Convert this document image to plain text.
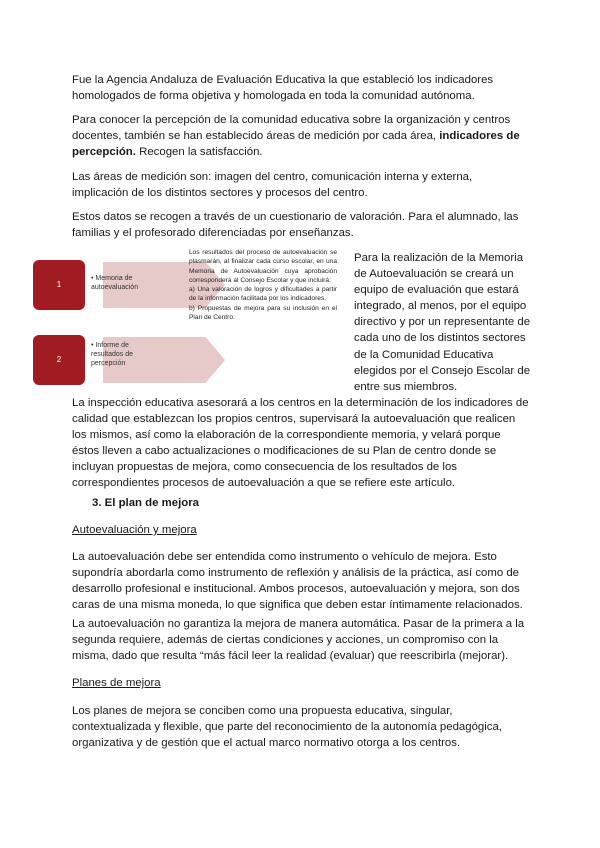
Fue la Agencia Andaluza de Evaluación Educativa la que estableció los indicadores homologados de forma objetiva y homologada en toda la comunidad autónoma.

Para conocer la percepción de la comunidad educativa sobre la organización y centros docentes, también se han establecido áreas de medición por cada área, indicadores de percepción. Recogen la satisfacción.

Las áreas de medición son: imagen del centro, comunicación interna y externa, implicación de los distintos sectores y procesos del centro.

Estos datos se recogen a través de un cuestionario de valoración. Para el alumnado, las familias y el profesorado diferenciadas por enseñanzas.

1
• Memoria de autoevaluación
2
• Informe de resultados de percepción
Los resultados del proceso de autoevaluación se plasmarán, al finalizar cada curso escolar, en una Memoria de Autoevaluación cuya aprobación corresponderá al Consejo Escolar y que incluirá:
a) Una valoración de logros y dificultades a partir de la información facilitada por los indicadores.
b) Propuestas de mejora para su inclusión en el Plan de Centro.

Para la realización de la Memoria de Autoevaluación se creará un equipo de evaluación que estará integrado, al menos, por el equipo directivo y por un representante de cada uno de los distintos sectores de la Comunidad Educativa elegidos por el Consejo Escolar de entre sus miembros.

La inspección educativa asesorará a los centros en la determinación de los indicadores de calidad que establezcan los propios centros, supervisará la autoevaluación que realicen los mismos, así como la elaboración de la correspondiente memoria, y velará porque éstos lleven a cabo actualizaciones o modificaciones de su Plan de centro donde se incluyan propuestas de mejora, como consecuencia de los resultados de los correspondientes procesos de autoevaluación a que se refiere este artículo.

3. El plan de mejora

Autoevaluación y mejora

La autoevaluación debe ser entendida como instrumento o vehículo de mejora. Esto supondría abordarla como instrumento de reflexión y análisis de la práctica, así como de desarrollo profesional e institucional. Ambos procesos, autoevaluación y mejora, son dos caras de una misma moneda, lo que significa que deben estar íntimamente relacionados.

La autoevaluación no garantiza la mejora de manera automática. Pasar de la primera a la segunda requiere, además de ciertas condiciones y acciones, un compromiso con la misma, dado que resulta “más fácil leer la realidad (evaluar) que reescribirla (mejorar).

Planes de mejora

Los planes de mejora se conciben como una propuesta educativa, singular, contextualizada y flexible, que parte del reconocimiento de la autonomía pedagógica, organizativa y de gestión que el actual marco normativo otorga a los centros.
